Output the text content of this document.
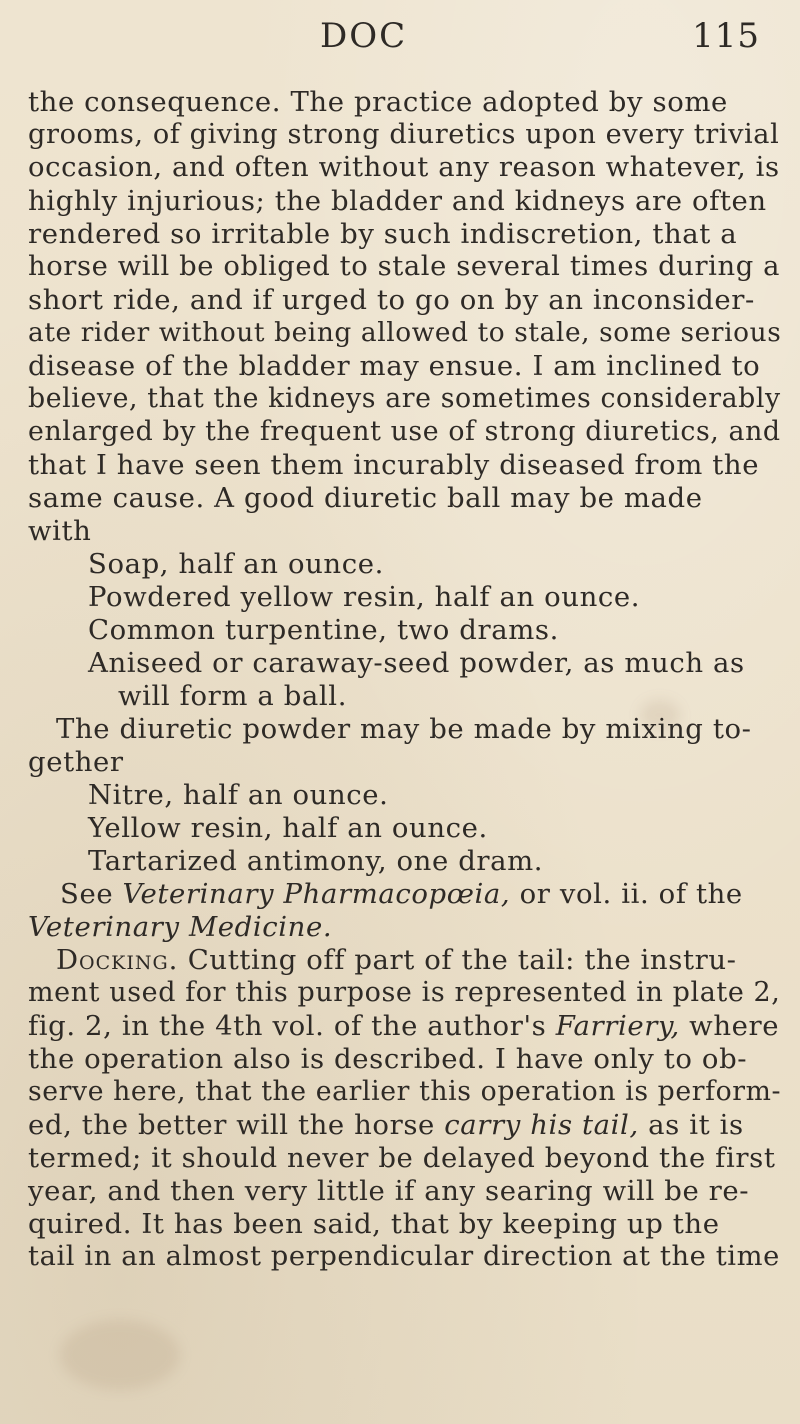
DOC	115
the consequence. The practice adopted by some
grooms, of giving strong diuretics upon every trivial
occasion, and often without any reason whatever, is
highly injurious; the bladder and kidneys are often
rendered so irritable by such indiscretion, that a
horse will be obliged to stale several times during a
short ride, and if urged to go on by an inconsider-
ate rider without being allowed to stale, some serious
disease of the bladder may ensue. I am inclined to
believe, that the kidneys are sometimes considerably
enlarged by the frequent use of strong diuretics, and
that I have seen them incurably diseased from the
same cause. A good diuretic ball may be made
with
Soap, half an ounce.
Powdered yellow resin, half an ounce.
Common turpentine, two drams.
Aniseed or caraway-seed powder, as much as
will form a ball.
The diuretic powder may be made by mixing to-
gether
Nitre, half an ounce.
Yellow resin, half an ounce.
Tartarized antimony, one dram.
See Veterinary Pharmacopœia, or vol. ii. of the
Veterinary Medicine.
Docking. Cutting off part of the tail: the instru-
ment used for this purpose is represented in plate 2,
fig. 2, in the 4th vol. of the author's Farriery, where
the operation also is described. I have only to ob-
serve here, that the earlier this operation is perform-
ed, the better will the horse carry his tail, as it is
termed; it should never be delayed beyond the first
year, and then very little if any searing will be re-
quired. It has been said, that by keeping up the
tail in an almost perpendicular direction at the time
